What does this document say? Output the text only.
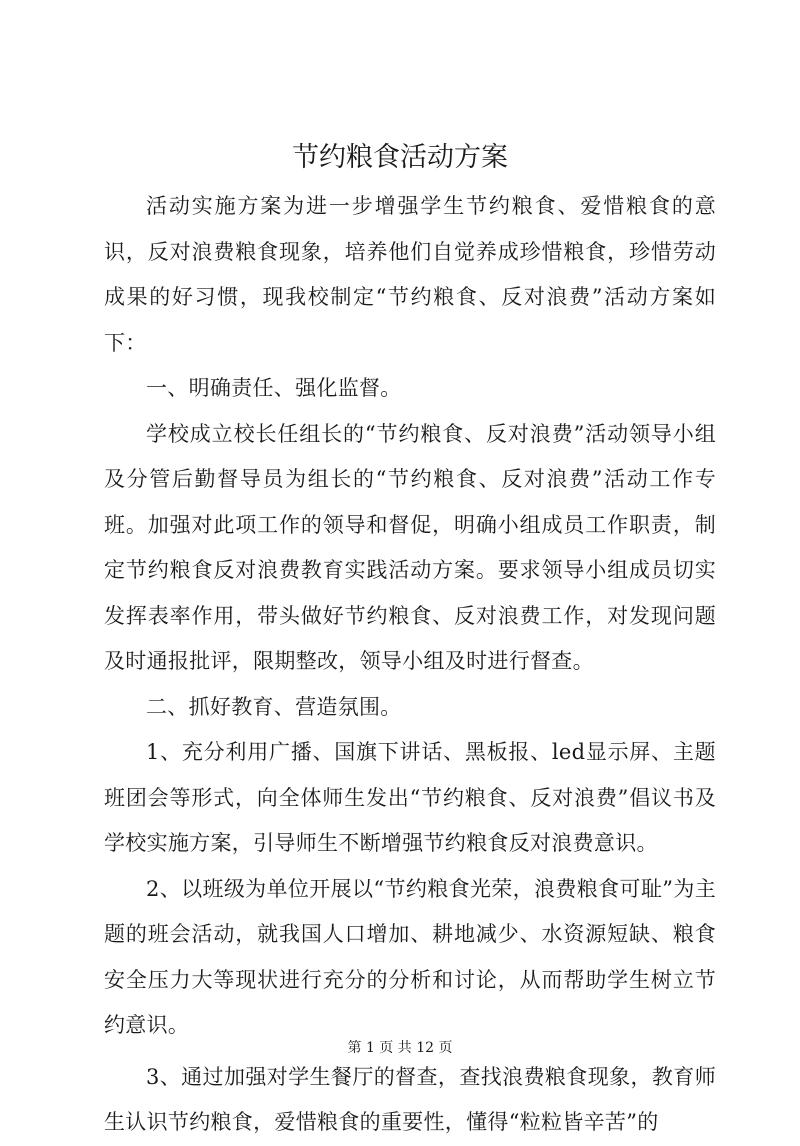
节约粮食活动方案

活动实施方案为进一步增强学生节约粮食、爱惜粮食的意识，反对浪费粮食现象，培养他们自觉养成珍惜粮食，珍惜劳动成果的好习惯，现我校制定“节约粮食、反对浪费”活动方案如下：

一、明确责任、强化监督。

学校成立校长任组长的“节约粮食、反对浪费”活动领导小组及分管后勤督导员为组长的“节约粮食、反对浪费”活动工作专班。加强对此项工作的领导和督促，明确小组成员工作职责，制定节约粮食反对浪费教育实践活动方案。要求领导小组成员切实发挥表率作用，带头做好节约粮食、反对浪费工作，对发现问题及时通报批评，限期整改，领导小组及时进行督查。

二、抓好教育、营造氛围。

1、充分利用广播、国旗下讲话、黑板报、led显示屏、主题班团会等形式，向全体师生发出“节约粮食、反对浪费”倡议书及学校实施方案，引导师生不断增强节约粮食反对浪费意识。

2、以班级为单位开展以“节约粮食光荣，浪费粮食可耻”为主题的班会活动，就我国人口增加、耕地减少、水资源短缺、粮食安全压力大等现状进行充分的分析和讨论，从而帮助学生树立节约意识。

3、通过加强对学生餐厅的督查，查找浪费粮食现象，教育师生认识节约粮食，爱惜粮食的重要性，懂得“粒粒皆辛苦”的

第 1 页 共 12 页
